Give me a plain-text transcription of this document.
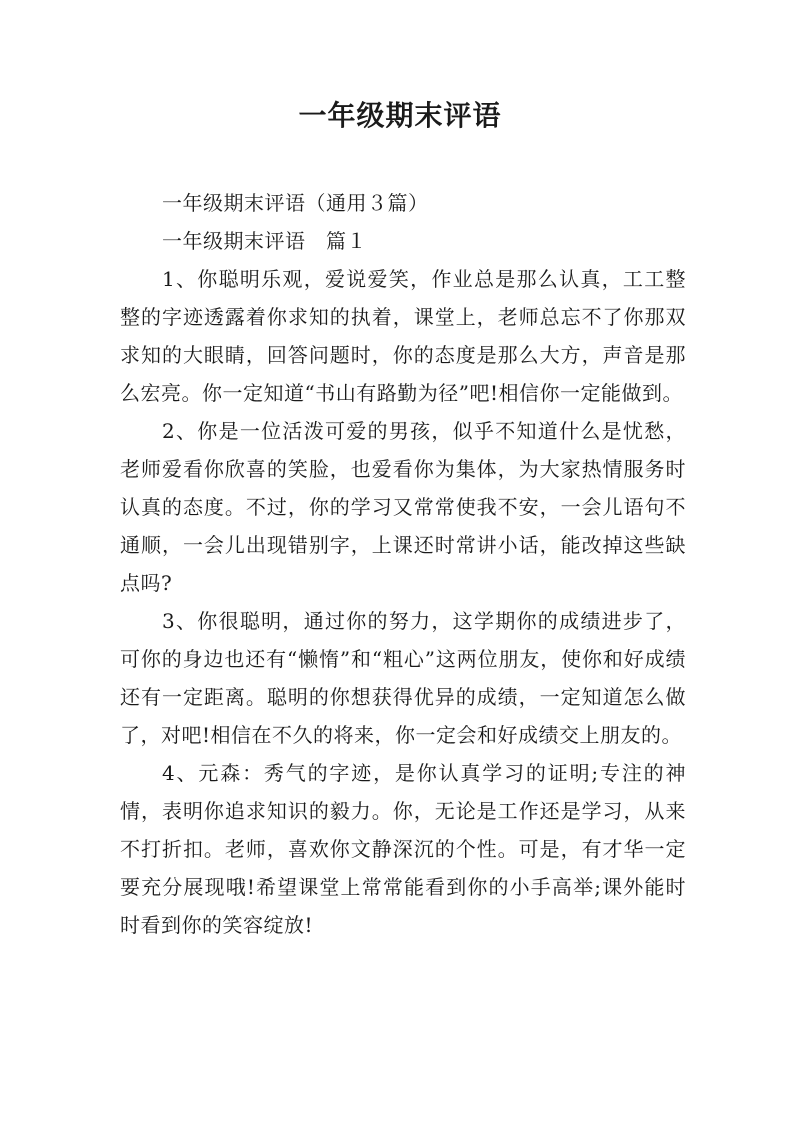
一年级期末评语

一年级期末评语（通用３篇）

一年级期末评语　篇１

1、你聪明乐观，爱说爱笑，作业总是那么认真，工工整整的字迹透露着你求知的执着，课堂上，老师总忘不了你那双求知的大眼睛，回答问题时，你的态度是那么大方，声音是那么宏亮。你一定知道“书山有路勤为径”吧!相信你一定能做到。

2、你是一位活泼可爱的男孩，似乎不知道什么是忧愁，老师爱看你欣喜的笑脸，也爱看你为集体，为大家热情服务时认真的态度。不过，你的学习又常常使我不安，一会儿语句不通顺，一会儿出现错别字，上课还时常讲小话，能改掉这些缺点吗?

3、你很聪明，通过你的努力，这学期你的成绩进步了，可你的身边也还有“懒惰”和“粗心”这两位朋友，使你和好成绩还有一定距离。聪明的你想获得优异的成绩，一定知道怎么做了，对吧!相信在不久的将来，你一定会和好成绩交上朋友的。

4、元森：秀气的字迹，是你认真学习的证明;专注的神情，表明你追求知识的毅力。你，无论是工作还是学习，从来不打折扣。老师，喜欢你文静深沉的个性。可是，有才华一定要充分展现哦!希望课堂上常常能看到你的小手高举;课外能时时看到你的笑容绽放!
